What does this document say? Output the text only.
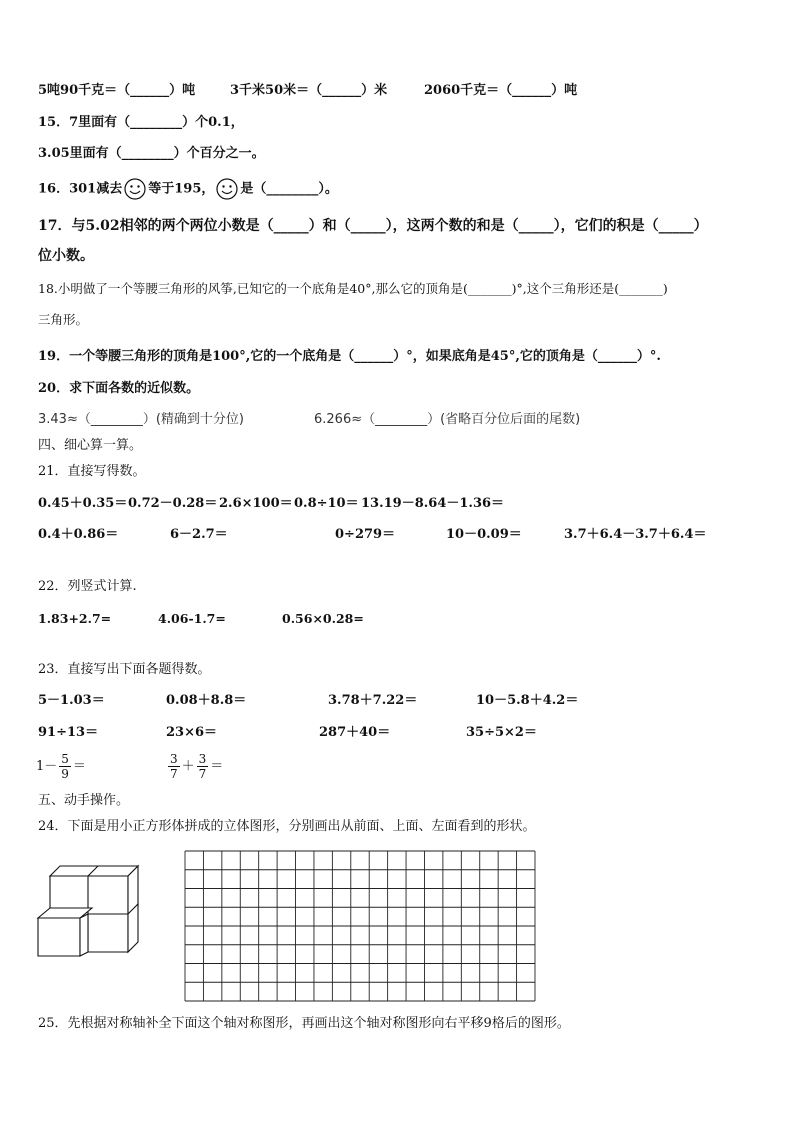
5吨90千克＝（______）吨	3千米50米＝（______）米	2060千克＝（______）吨
15．7里面有（________）个0.1，
3.05里面有（________）个百分之一。
16．301减去 等于195， 是（________）。
17．与5.02相邻的两个两位小数是（_____）和（_____），这两个数的和是（_____），它们的积是（_____）
位小数。
18.小明做了一个等腰三角形的风筝,已知它的一个底角是40°,那么它的顶角是(_______)°,这个三角形还是(_______)
三角形。
19．一个等腰三角形的顶角是100°,它的一个底角是（______）°，如果底角是45°,它的顶角是（______）°.
20．求下面各数的近似数。
3.43≈（________）(精确到十分位)	6.266≈（________）(省略百分位后面的尾数)
四、细心算一算。
21．直接写得数。
0.45＋0.35＝ 0.72－0.28＝ 2.6×100＝ 0.8÷10＝ 13.19－8.64－1.36＝
0.4＋0.86＝	6－2.7＝	0÷279＝	10－0.09＝	3.7＋6.4－3.7＋6.4＝
22．列竖式计算.
1.83+2.7=	4.06-1.7=	0.56×0.28=
23．直接写出下面各题得数。
5－1.03＝	0.08＋8.8＝	3.78＋7.22＝	10－5.8＋4.2＝
91÷13＝	23×6＝	287＋40＝	35÷5×2＝
$1- \frac{5}{9}$ ＝	$\frac{3}{7} + \frac{3}{7}$ ＝
五、动手操作。
24．下面是用小正方形体拼成的立体图形，分别画出从前面、上面、左面看到的形状。
25．先根据对称轴补全下面这个轴对称图形，再画出这个轴对称图形向右平移9格后的图形。
